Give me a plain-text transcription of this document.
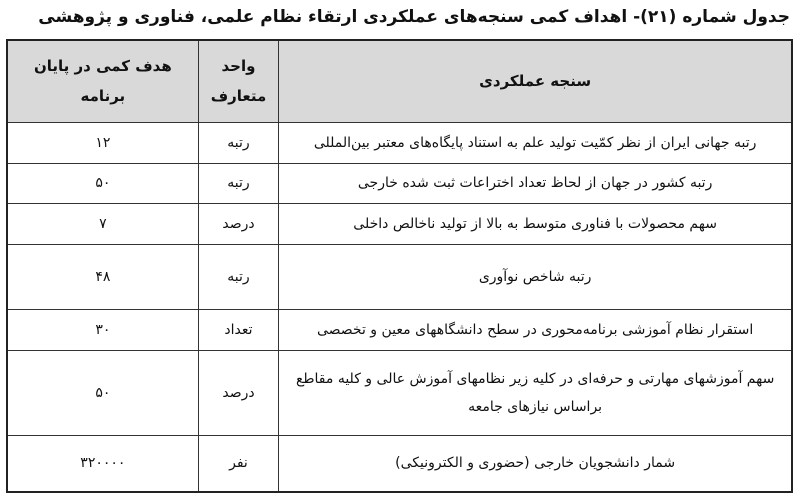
جدول شماره (۲۱)- اهداف کمی سنجه‌های عملکردی ارتقاء نظام علمی، فناوری و پژوهشی
سنجه عملکردی	واحد متعارف	هدف کمی در پایان برنامه
رتبه جهانی ایران از نظر کمّیت تولید علم به استناد پایگاه‌های معتبر بین‌المللی	رتبه	۱۲
رتبه کشور در جهان از لحاظ تعداد اختراعات ثبت شده خارجی	رتبه	۵۰
سهم محصولات با فناوری متوسط به بالا از تولید ناخالص داخلی	درصد	۷
رتبه شاخص نوآوری	رتبه	۴۸
استقرار نظام آموزشی برنامه‌محوری در سطح دانشگاههای معین و تخصصی	تعداد	۳۰
سهم آموزشهای مهارتی و حرفه‌ای در کلیه زیر نظامهای آموزش عالی و کلیه مقاطع براساس نیازهای جامعه	درصد	۵۰
شمار دانشجویان خارجی (حضوری و الکترونیکی)	نفر	۳۲۰۰۰۰
